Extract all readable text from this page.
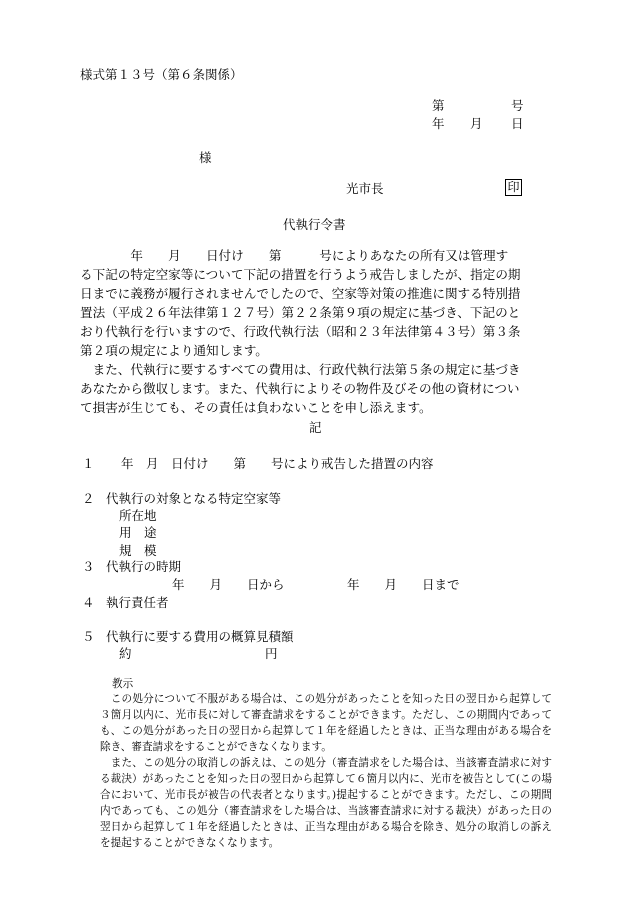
様式第１３号（第６条関係）
第	号
年 月 日
様
光市長	印
代執行令書

　　　　年　　月　　日付け　　第　　　号によりあなたの所有又は管理す

る下記の特定空家等について下記の措置を行うよう戒告しましたが、指定の期

日までに義務が履行されませんでしたので、空家等対策の推進に関する特別措

置法（平成２６年法律第１２７号）第２２条第９項の規定に基づき、下記のと

おり代執行を行いますので、行政代執行法（昭和２３年法律第４３号）第３条

第２項の規定により通知します。

　また、代執行に要するすべての費用は、行政代執行法第５条の規定に基づき

あなたから徴収します。また、代執行によりその物件及びその他の資材につい

て損害が生じても、その責任は負わないことを申し添えます。

記
１ 　　年　月　日付け　　第　　号により戒告した措置の内容
２ 代執行の対象となる特定空家等
所在地
用　途
規　模
３ 代執行の時期
年　　月　　日から　　　　　年　　月　　日まで
４ 執行責任者
５ 代執行に要する費用の概算見積額
約	円
教示

　この処分について不服がある場合は、この処分があったことを知った日の翌日から起算して３箇月以内に、光市長に対して審査請求をすることができます。ただし、この期間内であっても、この処分があった日の翌日から起算して１年を経過したときは、正当な理由がある場合を除き、審査請求をすることができなくなります。

　また、この処分の取消しの訴えは、この処分（審査請求をした場合は、当該審査請求に対する裁決）があったことを知った日の翌日から起算して６箇月以内に、光市を被告として(この場合において、光市長が被告の代表者となります。)提起することができます。ただし、この期間内であっても、この処分（審査請求をした場合は、当該審査請求に対する裁決）があった日の翌日から起算して１年を経過したときは、正当な理由がある場合を除き、処分の取消しの訴えを提起することができなくなります。
